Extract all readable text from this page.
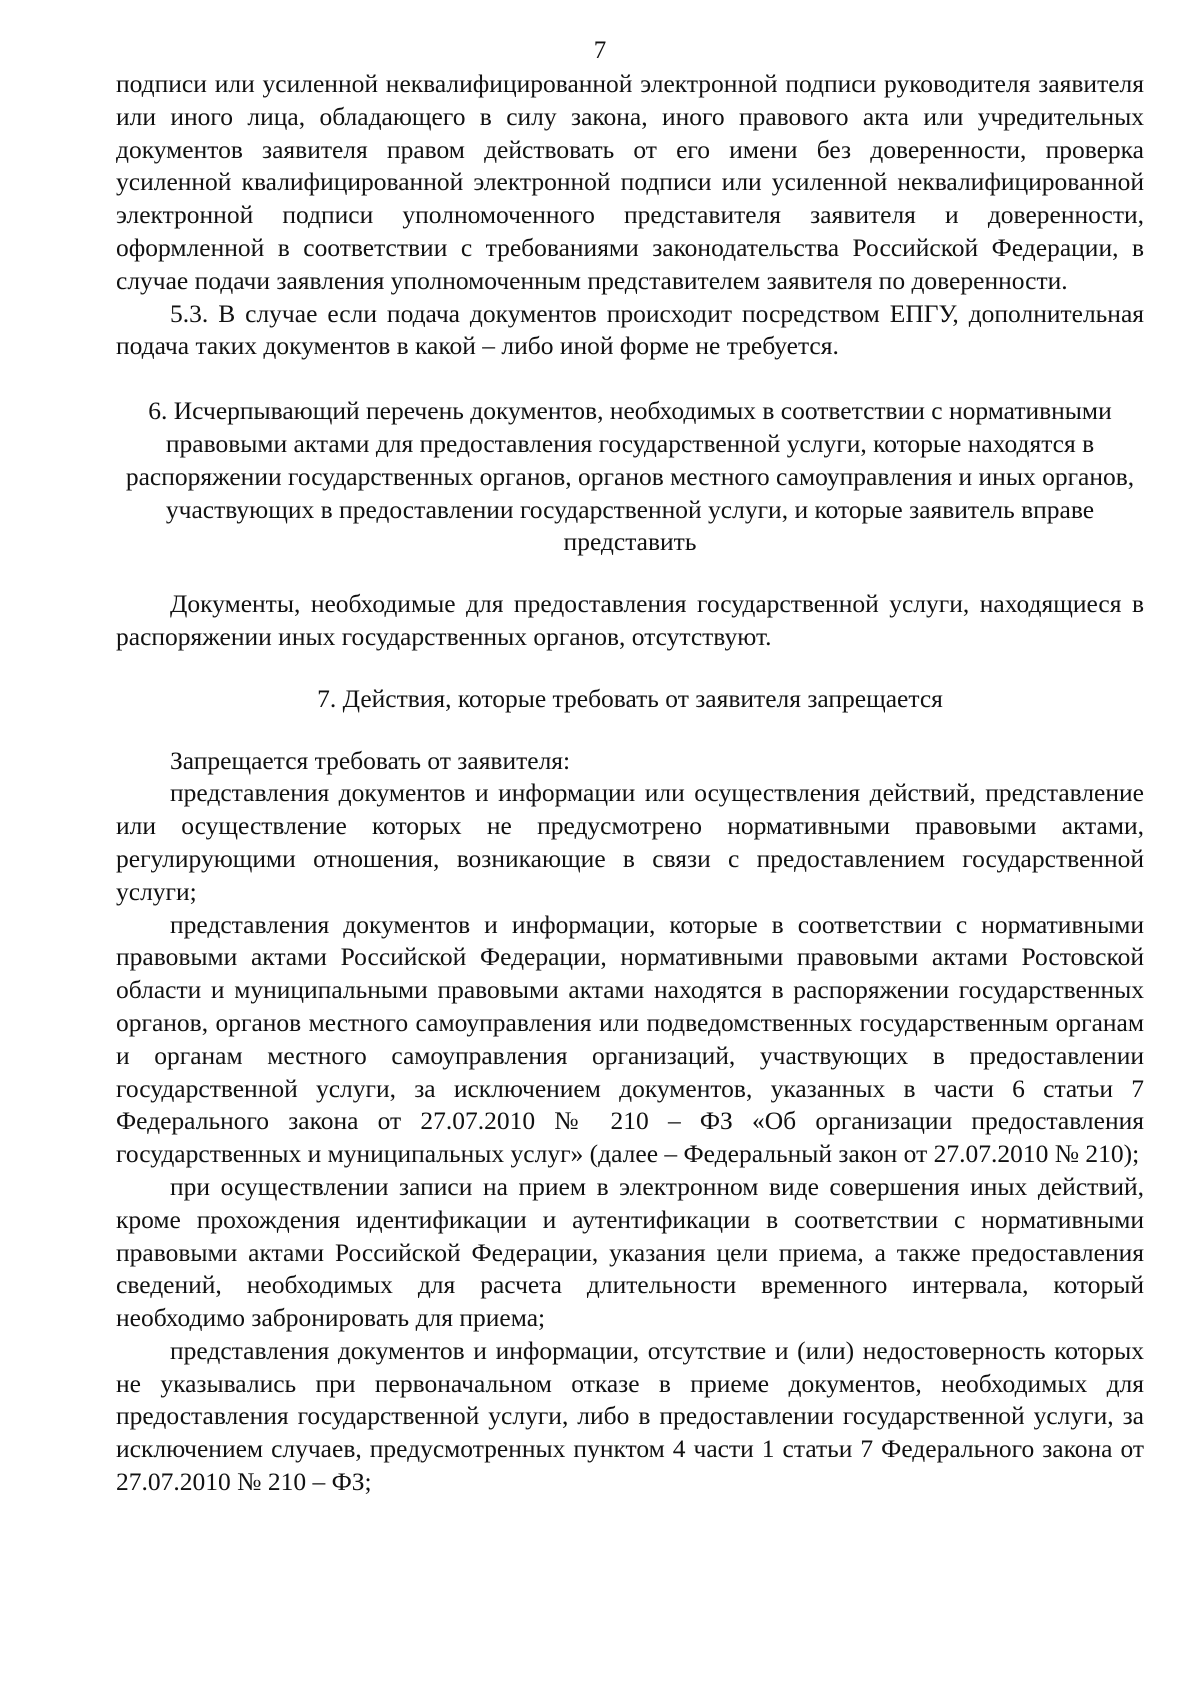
7

подписи или усиленной неквалифицированной электронной подписи руководителя заявителя или иного лица, обладающего в силу закона, иного правового акта или учредительных документов заявителя правом действовать от его имени без доверенности, проверка усиленной квалифицированной электронной подписи или усиленной неквалифицированной электронной подписи уполномоченного представителя заявителя и доверенности, оформленной в соответствии с требованиями законодательства Российской Федерации, в случае подачи заявления уполномоченным представителем заявителя по доверенности.

5.3. В случае если подача документов происходит посредством ЕПГУ, дополнительная подача таких документов в какой – либо иной форме не требуется.

6. Исчерпывающий перечень документов, необходимых в соответствии с нормативными правовыми актами для предоставления государственной услуги, которые находятся в распоряжении государственных органов, органов местного самоуправления и иных органов, участвующих в предоставлении государственной услуги, и которые заявитель вправе представить

Документы, необходимые для предоставления государственной услуги, находящиеся в распоряжении иных государственных органов, отсутствуют.

7. Действия, которые требовать от заявителя запрещается

Запрещается требовать от заявителя:

представления документов и информации или осуществления действий, представление или осуществление которых не предусмотрено нормативными правовыми актами, регулирующими отношения, возникающие в связи с предоставлением государственной услуги;

представления документов и информации, которые в соответствии с нормативными правовыми актами Российской Федерации, нормативными правовыми актами Ростовской области и муниципальными правовыми актами находятся в распоряжении государственных органов, органов местного самоуправления или подведомственных государственным органам и органам местного самоуправления организаций, участвующих в предоставлении государственной услуги, за исключением документов, указанных в части 6 статьи 7 Федерального закона от 27.07.2010 № 210 – ФЗ «Об организации предоставления государственных и муниципальных услуг» (далее – Федеральный закон от 27.07.2010 № 210);

при осуществлении записи на прием в электронном виде совершения иных действий, кроме прохождения идентификации и аутентификации в соответствии с нормативными правовыми актами Российской Федерации, указания цели приема, а также предоставления сведений, необходимых для расчета длительности временного интервала, который необходимо забронировать для приема;

представления документов и информации, отсутствие и (или) недостоверность которых не указывались при первоначальном отказе в приеме документов, необходимых для предоставления государственной услуги, либо в предоставлении государственной услуги, за исключением случаев, предусмотренных пунктом 4 части 1 статьи 7 Федерального закона от 27.07.2010 № 210 – ФЗ;
